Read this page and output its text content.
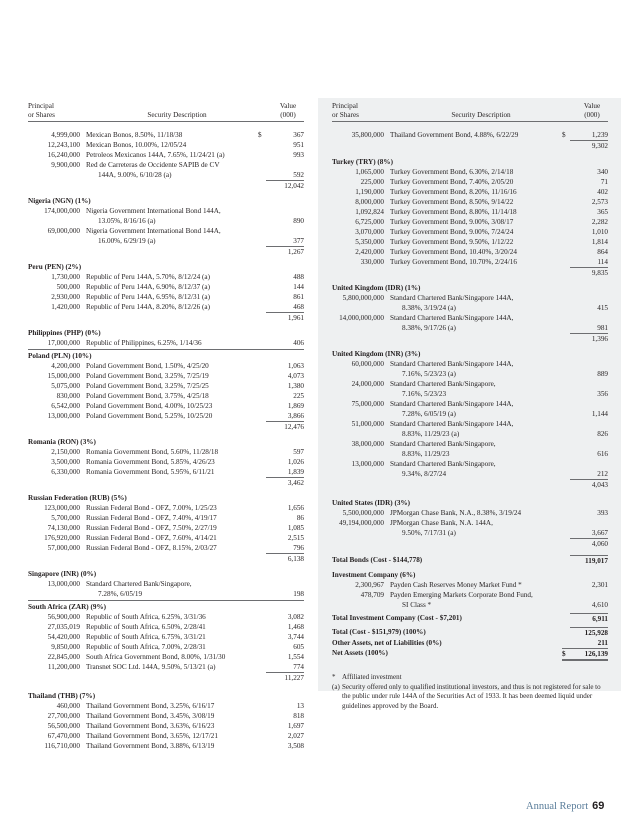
Principal
or Shares	Security Description
Value
(000)
4,999,000 Mexican Bonos, 8.50%, 11/18/38	$	367
12,243,100 Mexican Bonos, 10.00%, 12/05/24	951
16,240,000 Petroleos Mexicanos 144A, 7.65%, 11/24/21 (a)	993
9,900,000 Red de Carreteras de Occidente SAPIB de CV
144A, 9.00%, 6/10/28 (a)	592
12,042
Nigeria (NGN) (1%)
174,000,000 Nigeria Government International Bond 144A,
13.05%, 8/16/16 (a)	890
69,000,000 Nigeria Government International Bond 144A,
16.00%, 6/29/19 (a)	377
1,267
Peru (PEN) (2%)
1,730,000 Republic of Peru 144A, 5.70%, 8/12/24 (a)	488
500,000 Republic of Peru 144A, 6.90%, 8/12/37 (a)	144
2,930,000 Republic of Peru 144A, 6.95%, 8/12/31 (a)	861
1,420,000 Republic of Peru 144A, 8.20%, 8/12/26 (a)	468
1,961
Philippines (PHP) (0%)
17,000,000 Republic of Philippines, 6.25%, 1/14/36	406
Poland (PLN) (10%)
4,200,000 Poland Government Bond, 1.50%, 4/25/20	1,063
15,000,000 Poland Government Bond, 3.25%, 7/25/19	4,073
5,075,000 Poland Government Bond, 3.25%, 7/25/25	1,380
830,000 Poland Government Bond, 3.75%, 4/25/18	225
6,542,000 Poland Government Bond, 4.00%, 10/25/23	1,869
13,000,000 Poland Government Bond, 5.25%, 10/25/20	3,866
12,476
Romania (RON) (3%)
2,150,000 Romania Government Bond, 5.60%, 11/28/18	597
3,500,000 Romania Government Bond, 5.85%, 4/26/23	1,026
6,330,000 Romania Government Bond, 5.95%, 6/11/21	1,839
3,462
Russian Federation (RUB) (5%)
123,000,000 Russian Federal Bond - OFZ, 7.00%, 1/25/23	1,656
5,700,000 Russian Federal Bond - OFZ, 7.40%, 4/19/17	86
74,130,000 Russian Federal Bond - OFZ, 7.50%, 2/27/19	1,085
176,920,000 Russian Federal Bond - OFZ, 7.60%, 4/14/21	2,515
57,000,000 Russian Federal Bond - OFZ, 8.15%, 2/03/27	796
6,138
Singapore (INR) (0%)
13,000,000 Standard Chartered Bank/Singapore,
7.28%, 6/05/19	198
South Africa (ZAR) (9%)
56,900,000 Republic of South Africa, 6.25%, 3/31/36	3,082
27,035,019 Republic of South Africa, 6.50%, 2/28/41	1,468
54,420,000 Republic of South Africa, 6.75%, 3/31/21	3,744
9,850,000 Republic of South Africa, 7.00%, 2/28/31	605
22,845,000 South Africa Government Bond, 8.00%, 1/31/30	1,554
11,200,000 Transnet SOC Ltd. 144A, 9.50%, 5/13/21 (a)	774
11,227
Thailand (THB) (7%)
460,000 Thailand Government Bond, 3.25%, 6/16/17	13
27,700,000 Thailand Government Bond, 3.45%, 3/08/19	818
56,500,000 Thailand Government Bond, 3.63%, 6/16/23	1,697
67,470,000 Thailand Government Bond, 3.65%, 12/17/21	2,027
116,710,000 Thailand Government Bond, 3.88%, 6/13/19	3,508
Principal
or Shares	Security Description
Value
(000)
35,800,000 Thailand Government Bond, 4.88%, 6/22/29	$	1,239
9,302
Turkey (TRY) (8%)
1,065,000 Turkey Government Bond, 6.30%, 2/14/18	340
225,000 Turkey Government Bond, 7.40%, 2/05/20	71
1,190,000 Turkey Government Bond, 8.20%, 11/16/16	402
8,000,000 Turkey Government Bond, 8.50%, 9/14/22	2,573
1,092,824 Turkey Government Bond, 8.80%, 11/14/18	365
6,725,000 Turkey Government Bond, 9.00%, 3/08/17	2,282
3,070,000 Turkey Government Bond, 9.00%, 7/24/24	1,010
5,350,000 Turkey Government Bond, 9.50%, 1/12/22	1,814
2,420,000 Turkey Government Bond, 10.40%, 3/20/24	864
330,000 Turkey Government Bond, 10.70%, 2/24/16	114
9,835
United Kingdom (IDR) (1%)
5,800,000,000 Standard Chartered Bank/Singapore 144A,
8.38%, 3/19/24 (a)	415
14,000,000,000 Standard Chartered Bank/Singapore 144A,
8.38%, 9/17/26 (a)	981
1,396
United Kingdom (INR) (3%)
60,000,000 Standard Chartered Bank/Singapore 144A,
7.16%, 5/23/23 (a)	889
24,000,000 Standard Chartered Bank/Singapore,
7.16%, 5/23/23	356
75,000,000 Standard Chartered Bank/Singapore 144A,
7.28%, 6/05/19 (a)	1,144
51,000,000 Standard Chartered Bank/Singapore 144A,
8.83%, 11/29/23 (a)	826
38,000,000 Standard Chartered Bank/Singapore,
8.83%, 11/29/23	616
13,000,000 Standard Chartered Bank/Singapore,
9.34%, 8/27/24	212
4,043
United States (IDR) (3%)
5,500,000,000 JPMorgan Chase Bank, N.A., 8.38%, 3/19/24	393
49,194,000,000 JPMorgan Chase Bank, N.A. 144A,
9.50%, 7/17/31 (a)	3,667
4,060
Total Bonds (Cost - $144,778)	119,017
Investment Company (6%)
2,300,967 Payden Cash Reserves Money Market Fund *	2,301
478,709 Payden Emerging Markets Corporate Bond Fund,
SI Class *	4,610
Total Investment Company (Cost - $7,201)	6,911
Total (Cost - $151,979) (100%)	125,928
Other Assets, net of Liabilities (0%)	211
Net Assets (100%)	$	126,139
* Affiliated investment
(a) Security offered only to qualified institutional investors, and thus is not registered for sale to the public under rule 144A of the Securities Act of 1933. It has been deemed liquid under guidelines approved by the Board.
Annual Report 69
